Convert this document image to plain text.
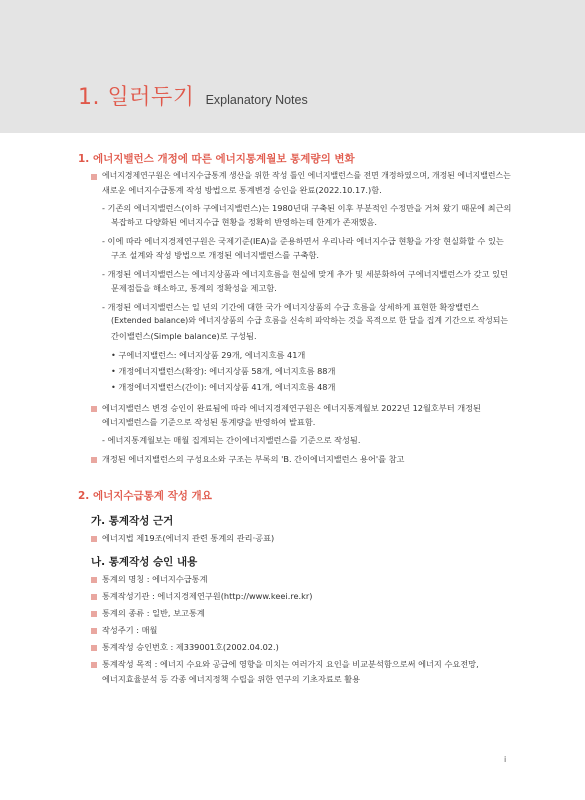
1. 일러두기 Explanatory Notes
1. 에너지밸런스 개정에 따른 에너지통계월보 통계량의 변화
에너지경제연구원은 에너지수급통계 생산을 위한 작성 틀인 에너지밸런스를 전면 개정하였으며, 개정된 에너지밸런스는
새로운 에너지수급통계 작성 방법으로 통계변경 승인을 완료(2022.10.17.)함.
- 기존의 에너지밸런스(이하 구에너지밸런스)는 1980년대 구축된 이후 부분적인 수정만을 거쳐 왔기 때문에 최근의
복잡하고 다양화된 에너지수급 현황을 정확히 반영하는데 한계가 존재했음.
- 이에 따라 에너지경제연구원은 국제기준(IEA)을 준용하면서 우리나라 에너지수급 현황을 가장 현실화할 수 있는
구조 설계와 작성 방법으로 개정된 에너지밸런스를 구축함.
- 개정된 에너지밸런스는 에너지상품과 에너지흐름을 현실에 맞게 추가 및 세분화하여 구에너지밸런스가 갖고 있던
문제점들을 해소하고, 통계의 정확성을 제고함.
- 개정된 에너지밸런스는 일 년의 기간에 대한 국가 에너지상품의 수급 흐름을 상세하게 표현한 확장밸런스
(Extended balance)와 에너지상품의 수급 흐름을 신속히 파악하는 것을 목적으로 한 달을 집계 기간으로 작성되는
간이밸런스(Simple balance)로 구성됨.
• 구에너지밸런스: 에너지상품 29개, 에너지흐름 41개
• 개정에너지밸런스(확장): 에너지상품 58개, 에너지흐름 88개
• 개정에너지밸런스(간이): 에너지상품 41개, 에너지흐름 48개
에너지밸런스 변경 승인이 완료됨에 따라 에너지경제연구원은 에너지통계월보 2022년 12월호부터 개정된
에너지밸런스를 기준으로 작성된 통계량을 반영하여 발표함.
- 에너지통계월보는 매월 집계되는 간이에너지밸런스를 기준으로 작성됨.
개정된 에너지밸런스의 구성요소와 구조는 부록의 'B. 간이에너지밸런스 용어'를 참고
2. 에너지수급통계 작성 개요
가. 통계작성 근거
에너지법 제19조(에너지 관련 통계의 관리·공표)
나. 통계작성 승인 내용
통계의 명칭 : 에너지수급통계
통계작성기관 : 에너지경제연구원(http://www.keei.re.kr)
통계의 종류 : 일반, 보고통계
작성주기 : 매월
통계작성 승인번호 : 제339001호(2002.04.02.)
통계작성 목적 : 에너지 수요와 공급에 영향을 미치는 여러가지 요인을 비교분석함으로써 에너지 수요전망,
에너지효율분석 등 각종 에너지정책 수립을 위한 연구의 기초자료로 활용
i
